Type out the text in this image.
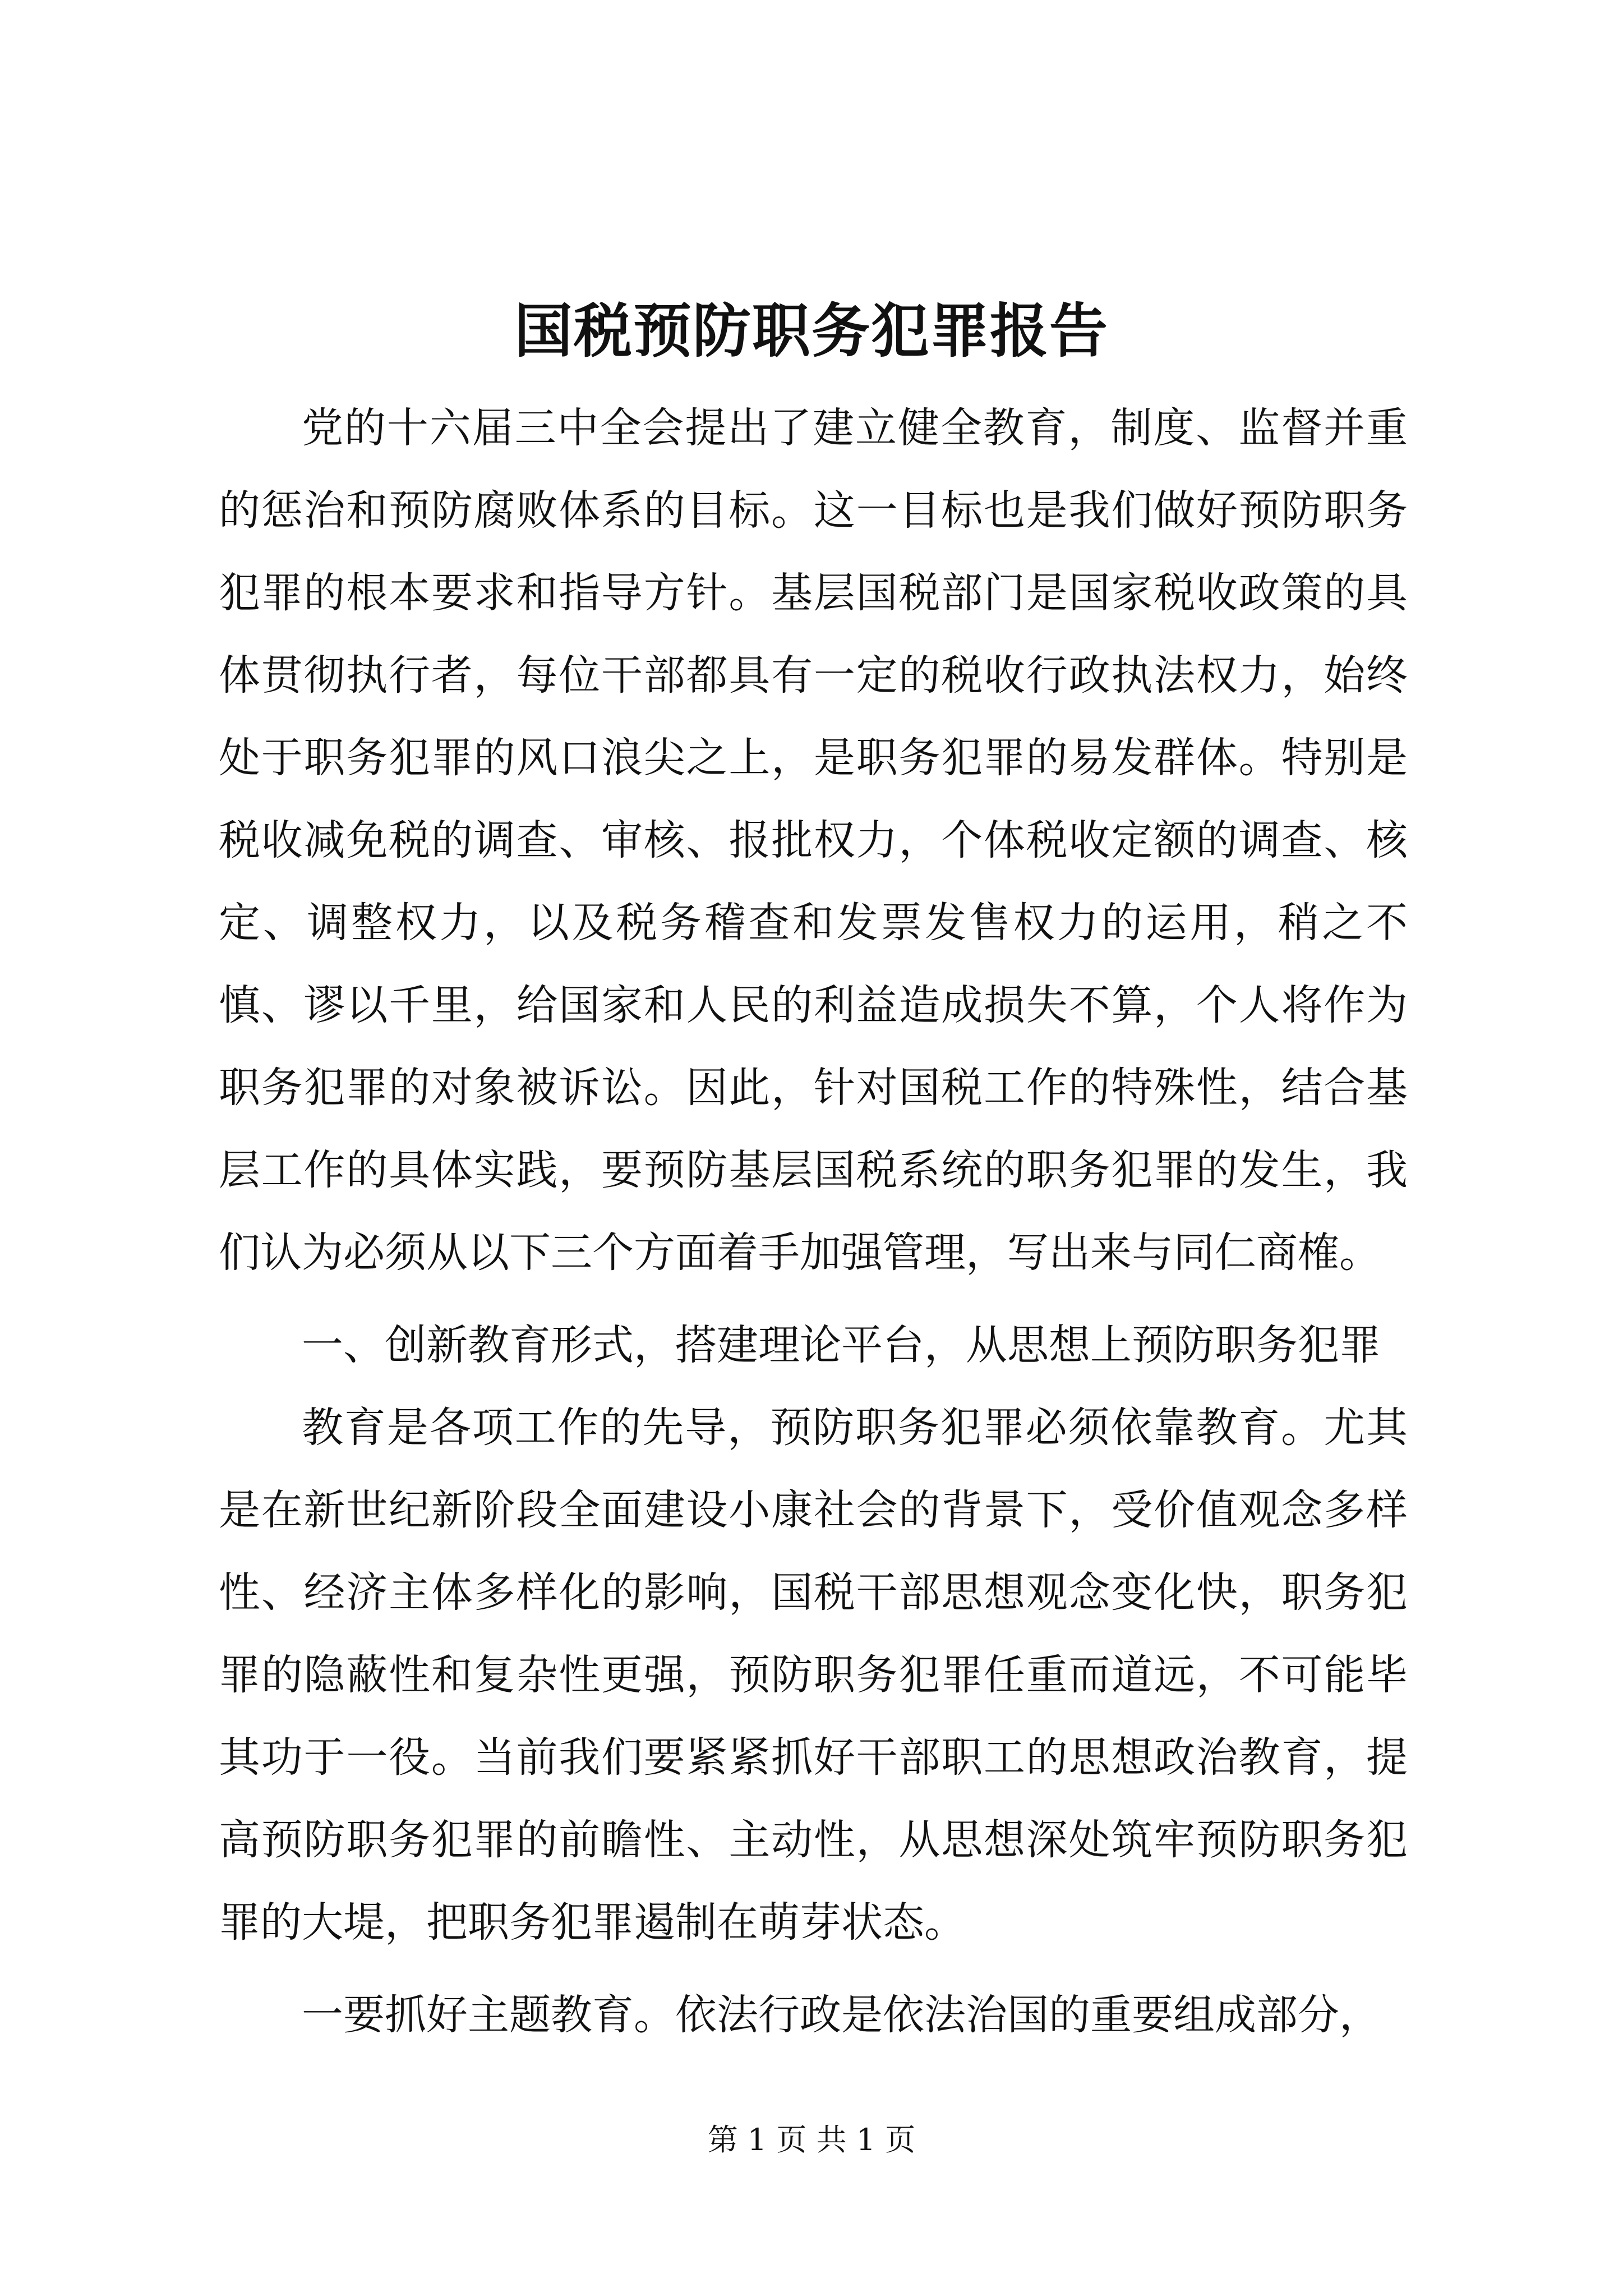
国税预防职务犯罪报告

党的十六届三中全会提出了建立健全教育，制度、监督并重的惩治和预防腐败体系的目标。这一目标也是我们做好预防职务犯罪的根本要求和指导方针。基层国税部门是国家税收政策的具体贯彻执行者，每位干部都具有一定的税收行政执法权力，始终处于职务犯罪的风口浪尖之上，是职务犯罪的易发群体。特别是税收减免税的调查、审核、报批权力，个体税收定额的调查、核定、调整权力，以及税务稽查和发票发售权力的运用，稍之不慎、谬以千里，给国家和人民的利益造成损失不算，个人将作为职务犯罪的对象被诉讼。因此，针对国税工作的特殊性，结合基层工作的具体实践，要预防基层国税系统的职务犯罪的发生，我们认为必须从以下三个方面着手加强管理，写出来与同仁商榷。

一、创新教育形式，搭建理论平台，从思想上预防职务犯罪

教育是各项工作的先导，预防职务犯罪必须依靠教育。尤其是在新世纪新阶段全面建设小康社会的背景下，受价值观念多样性、经济主体多样化的影响，国税干部思想观念变化快，职务犯罪的隐蔽性和复杂性更强，预防职务犯罪任重而道远，不可能毕其功于一役。当前我们要紧紧抓好干部职工的思想政治教育，提高预防职务犯罪的前瞻性、主动性，从思想深处筑牢预防职务犯罪的大堤，把职务犯罪遏制在萌芽状态。

一要抓好主题教育。依法行政是依法治国的重要组成部分，

第 1 页 共 1 页
